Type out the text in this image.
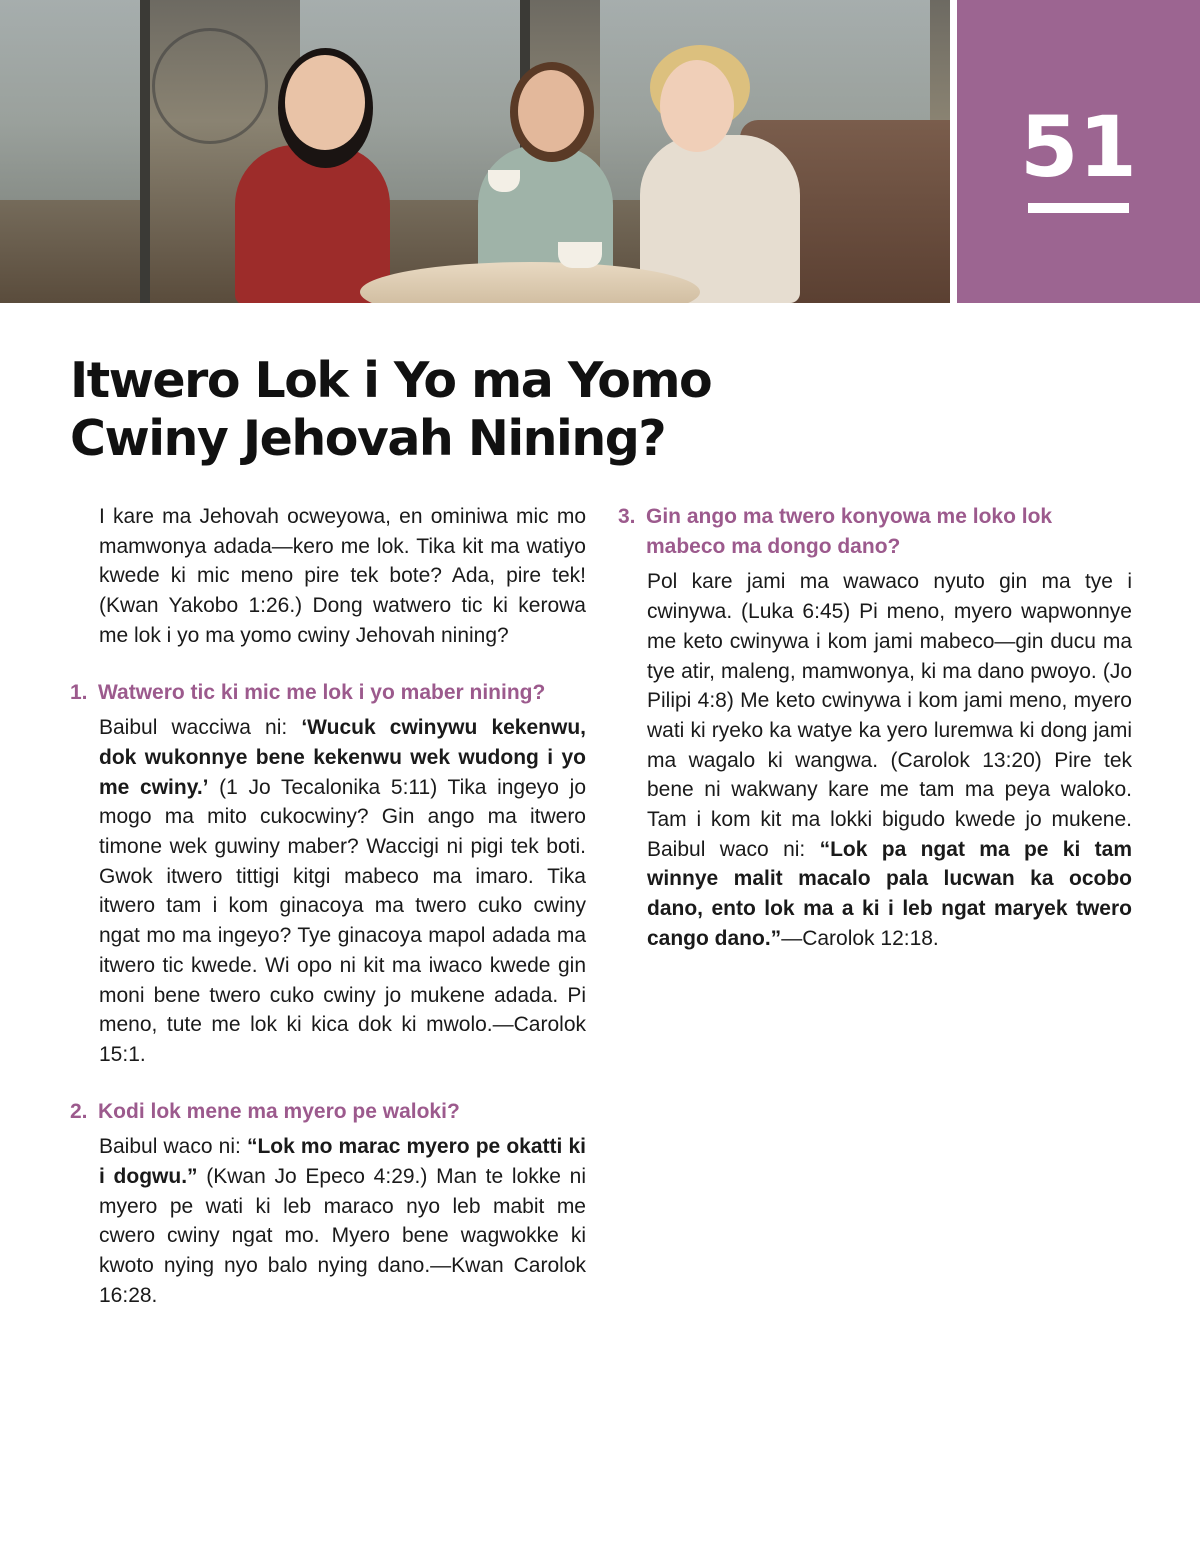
51
Itwero Lok i Yo ma Yomo
Cwiny Jehovah Nining?

I kare ma Jehovah ocweyowa, en ominiwa mic mo mamwonya adada—kero me lok. Tika kit ma watiyo kwede ki mic meno pire tek bote? Ada, pire tek! (Kwan Yakobo 1:26.) Dong watwero tic ki kerowa me lok i yo ma yomo cwiny Jehovah nining?

1. Watwero tic ki mic me lok i yo maber nining?

Baibul wacciwa ni: ‘Wucuk cwinywu kekenwu, dok wukonnye bene kekenwu wek wudong i yo me cwiny.’ (1 Jo Tecalonika 5:11) Tika ingeyo jo mogo ma mito cukocwiny? Gin ango ma itwero timone wek guwiny maber? Waccigi ni pigi tek boti. Gwok itwero tittigi kitgi mabeco ma imaro. Tika itwero tam i kom ginacoya ma twero cuko cwiny ngat mo ma ingeyo? Tye ginacoya mapol adada ma itwero tic kwede. Wi opo ni kit ma iwaco kwede gin moni bene twero cuko cwiny jo mukene adada. Pi meno, tute me lok ki kica dok ki mwolo.—Carolok 15:1.

2. Kodi lok mene ma myero pe waloki?

Baibul waco ni: “Lok mo marac myero pe okatti ki i dogwu.” (Kwan Jo Epeco 4:29.) Man te lokke ni myero pe wati ki leb maraco nyo leb mabit me cwero cwiny ngat mo. Myero bene wagwokke ki kwoto nying nyo balo nying dano.—Kwan Carolok 16:28.

3. Gin ango ma twero konyowa me loko lok mabeco ma dongo dano?

Pol kare jami ma wawaco nyuto gin ma tye i cwinywa. (Luka 6:45) Pi meno, myero wapwonnye me keto cwinywa i kom jami mabeco—gin ducu ma tye atir, maleng, mamwonya, ki ma dano pwoyo. (Jo Pilipi 4:8) Me keto cwinywa i kom jami meno, myero wati ki ryeko ka watye ka yero luremwa ki dong jami ma wagalo ki wangwa. (Carolok 13:20) Pire tek bene ni wakwany kare me tam ma peya waloko. Tam i kom kit ma lokki bigudo kwede jo mukene. Baibul waco ni: “Lok pa ngat ma pe ki tam winnye malit macalo pala lucwan ka ocobo dano, ento lok ma a ki i leb ngat maryek twero cango dano.”—Carolok 12:18.
